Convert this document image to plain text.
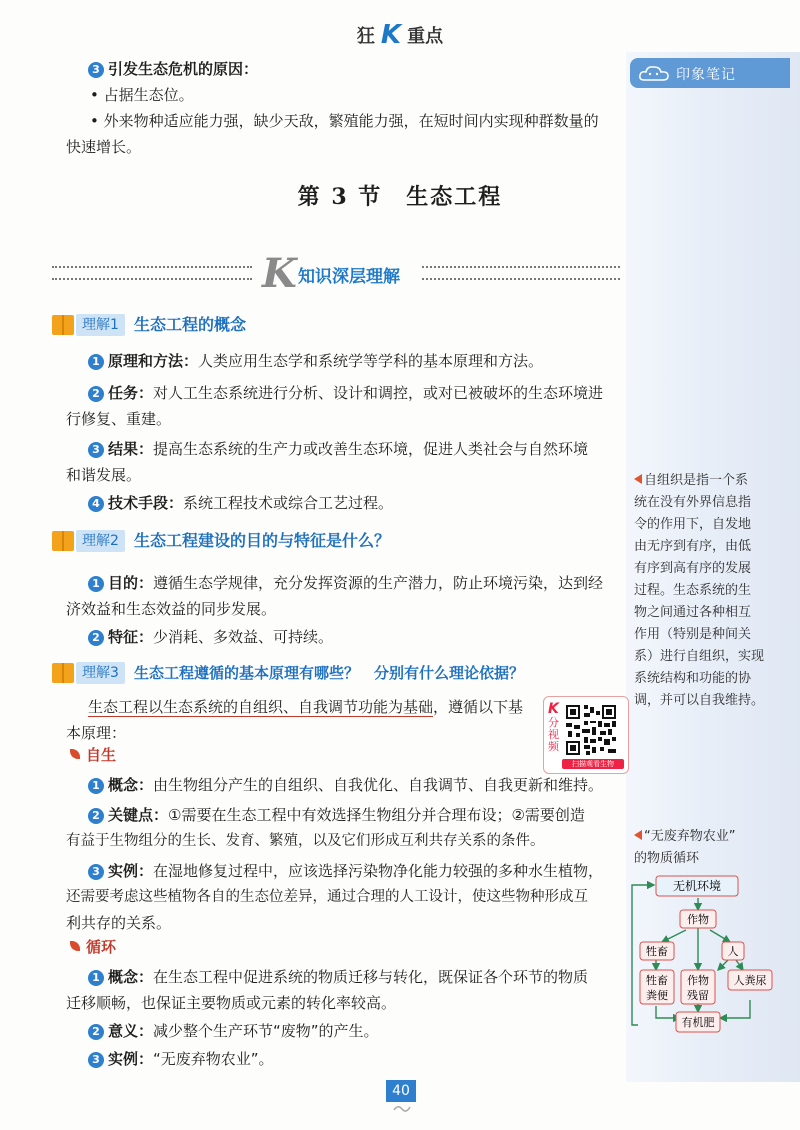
狂 K 重点
印象笔记
3 引发生态危机的原因：
• 占据生态位。
• 外来物种适应能力强，缺少天敌，繁殖能力强，在短时间内实现种群数量的
快速增长。
第 3 节　生态工程
K 知识深层理解
理解1 生态工程的概念
1 原理和方法：人类应用生态学和系统学等学科的基本原理和方法。
2 任务：对人工生态系统进行分析、设计和调控，或对已被破坏的生态环境进
行修复、重建。
3 结果：提高生态系统的生产力或改善生态环境，促进人类社会与自然环境
和谐发展。
4 技术手段：系统工程技术或综合工艺过程。
理解2 生态工程建设的目的与特征是什么？
1 目的：遵循生态学规律，充分发挥资源的生产潜力，防止环境污染，达到经
济效益和生态效益的同步发展。
2 特征：少消耗、多效益、可持续。
理解3	生态工程遵循的基本原理有哪些？　分别有什么理论依据？
生态工程以生态系统的自组织、自我调节功能为基础，遵循以下基
本原理：
K
分视频
扫描观看生物
自生
1 概念：由生物组分产生的自组织、自我优化、自我调节、自我更新和维持。
2 关键点：①需要在生态工程中有效选择生物组分并合理布设；②需要创造
有益于生物组分的生长、发育、繁殖，以及它们形成互利共存关系的条件。
3 实例：在湿地修复过程中，应该选择污染物净化能力较强的多种水生植物，
还需要考虑这些植物各自的生态位差异，通过合理的人工设计，使这些物种形成互
利共存的关系。
循环
1 概念：在生态工程中促进系统的物质迁移与转化，既保证各个环节的物质
迁移顺畅，也保证主要物质或元素的转化率较高。
2 意义：减少整个生产环节“废物”的产生。
3 实例：“无废弃物农业”。
自组织是指一个系
统在没有外界信息指
令的作用下，自发地
由无序到有序，由低
有序到高有序的发展
过程。生态系统的生
物之间通过各种相互
作用（特别是种间关
系）进行自组织，实现
系统结构和功能的协
调，并可以自我维持。
“无废弃物农业”
的物质循环
无机环境
作物
牲畜	人
牲畜
粪便
作物
残留
人粪尿
有机肥
40
